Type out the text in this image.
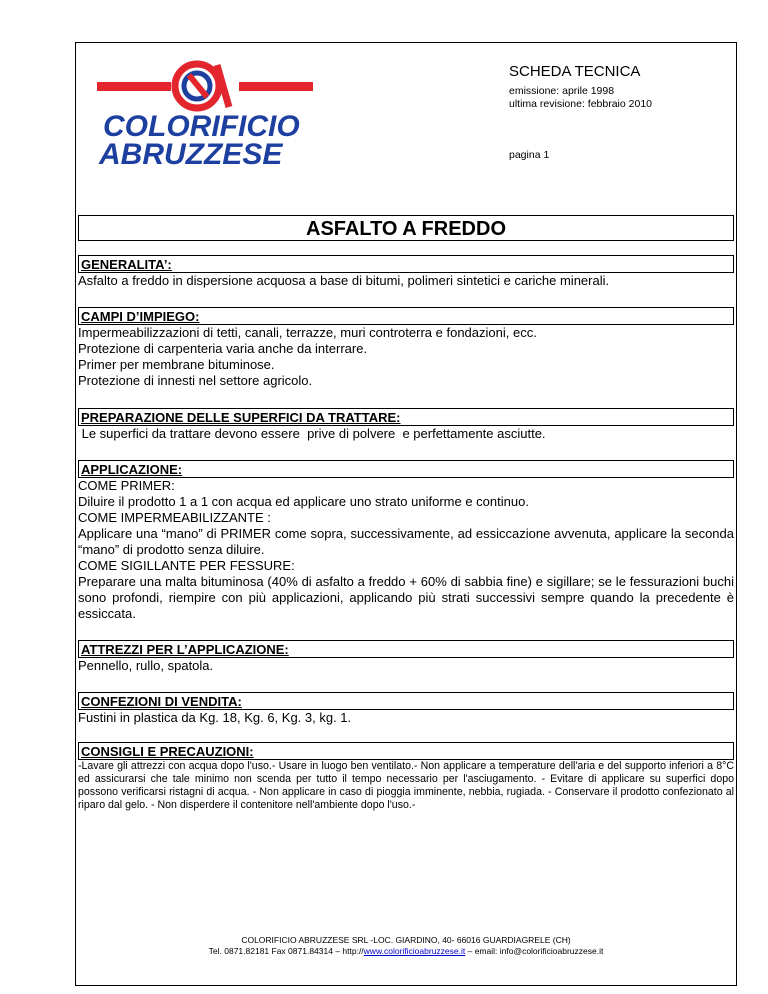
COLORIFICIO
ABRUZZESE
SCHEDA TECNICA
emissione: aprile 1998
ultima revisione: febbraio 2010
pagina 1
ASFALTO A FREDDO
GENERALITA’:
Asfalto a freddo in dispersione acquosa a base di bitumi, polimeri sintetici e cariche minerali.
CAMPI D’IMPIEGO:
Impermeabilizzazioni di tetti, canali, terrazze, muri controterra e fondazioni, ecc.
Protezione di carpenteria varia anche da interrare.
Primer per membrane bituminose.
Protezione di innesti nel settore agricolo.
PREPARAZIONE DELLE SUPERFICI DA TRATTARE:
Le superfici da trattare devono essere  prive di polvere  e perfettamente asciutte.
APPLICAZIONE:
COME PRIMER:
Diluire il prodotto 1 a 1 con acqua ed applicare uno strato uniforme e continuo.
COME IMPERMEABILIZZANTE :
Applicare una “mano” di PRIMER come sopra, successivamente, ad essiccazione avvenuta, applicare la seconda “mano” di prodotto senza diluire.
COME SIGILLANTE PER FESSURE:
Preparare una malta bituminosa (40% di asfalto a freddo + 60% di sabbia fine) e sigillare; se le fessurazioni buchi sono profondi, riempire con più applicazioni, applicando più strati successivi sempre quando la precedente è essiccata.
ATTREZZI PER L’APPLICAZIONE:
Pennello, rullo, spatola.
CONFEZIONI DI VENDITA:
Fustini in plastica da Kg. 18, Kg. 6, Kg. 3, kg. 1.
CONSIGLI E PRECAUZIONI:
-Lavare gli attrezzi con acqua dopo l'uso.- Usare in luogo ben ventilato.- Non applicare a temperature dell'aria e del supporto inferiori a 8°C ed assicurarsi che tale minimo non scenda per tutto il tempo necessario per l'asciugamento. - Evitare di applicare su superfici dopo possono verificarsi ristagni di acqua. - Non applicare in caso di pioggia imminente, nebbia, rugiada. - Conservare il prodotto confezionato al riparo dal gelo. - Non disperdere il contenitore nell'ambiente dopo l'uso.-
COLORIFICIO ABRUZZESE SRL -LOC. GIARDINO, 40- 66016 GUARDIAGRELE (CH)
Tel. 0871.82181 Fax 0871.84314 – http://www.colorificioabruzzese.it – email: info@colorificioabruzzese.it
